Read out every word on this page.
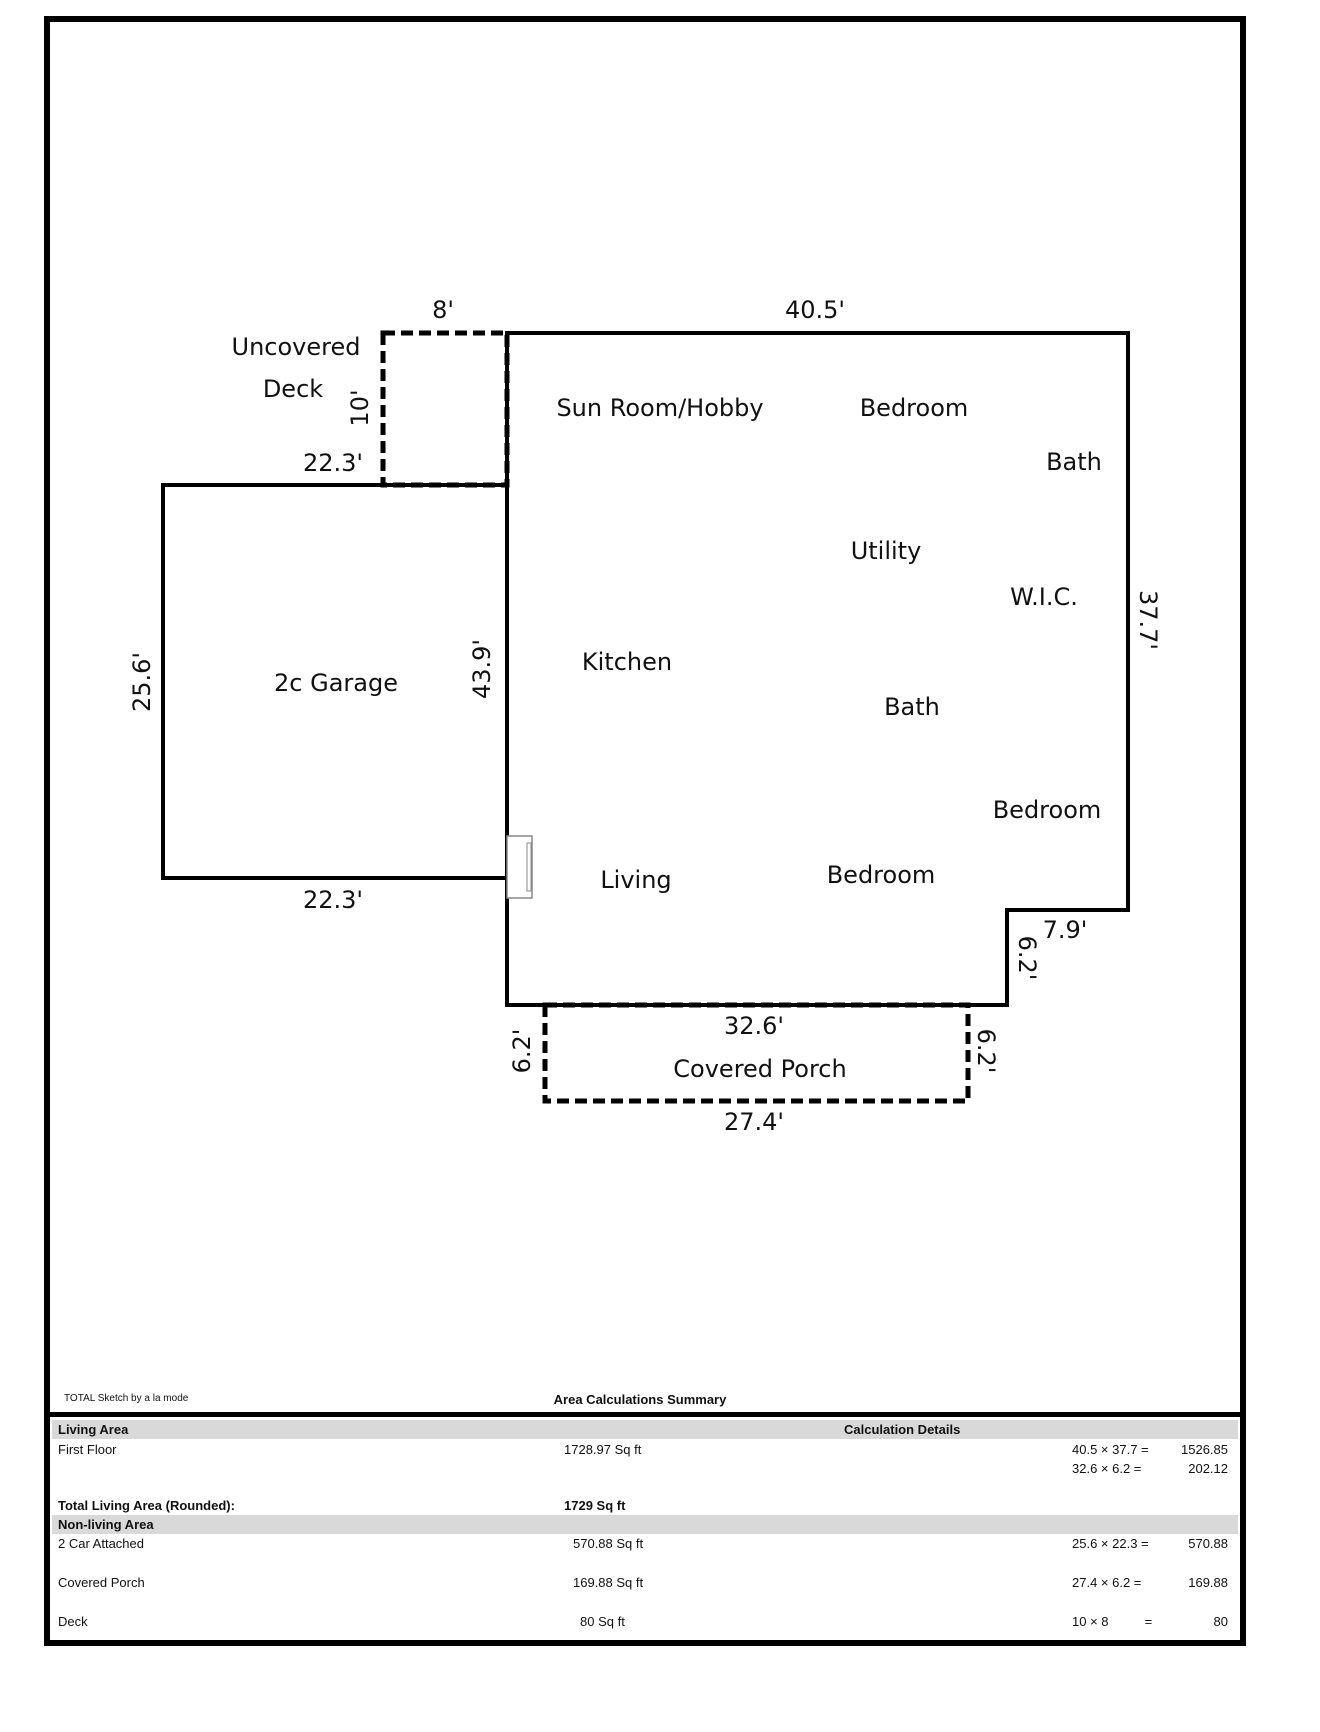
Uncovered
Deck
Sun Room/Hobby	Bedroom
Bath
Utility
W.I.C.
Kitchen
Bath
Bedroom
Living	Bedroom
2c Garage
Covered Porch
8'	40.5'
10'
22.3'
25.6'	43.9'
22.3'
37.7'
7.9'
6.2'
32.6'
6.2'	6.2'
27.4'
TOTAL Sketch by a la mode	Area Calculations Summary
Living Area	Calculation Details
First Floor	1728.97 Sq ft	40.5 × 37.7 = 1526.85
32.6 × 6.2 =	202.12
Total Living Area (Rounded):	1729 Sq ft
Non-living Area
2 Car Attached	570.88 Sq ft	25.6 × 22.3 =	570.88
Covered Porch	169.88 Sq ft	27.4 × 6.2 =	169.88
Deck	80 Sq ft	10 × 8          =	80
